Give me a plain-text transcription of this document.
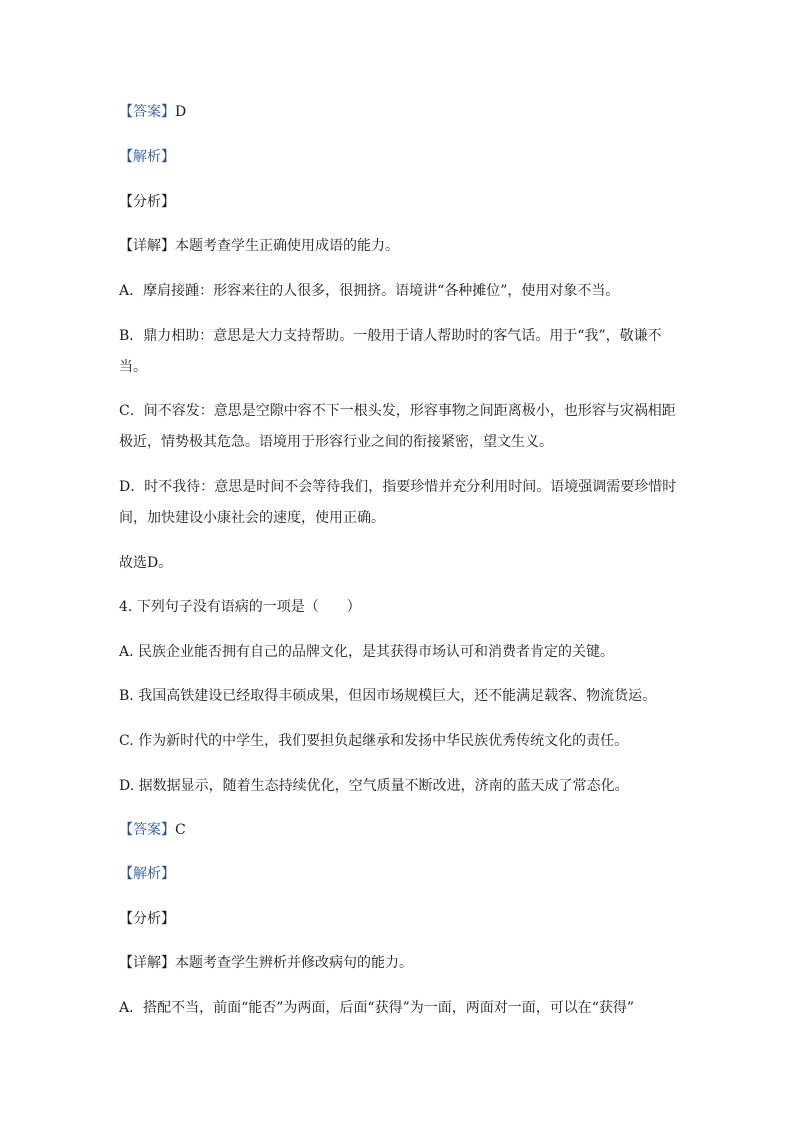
【答案】D
【解析】
【分析】
【详解】本题考查学生正确使用成语的能力。
A．摩肩接踵：形容来往的人很多，很拥挤。语境讲“各种摊位”，使用对象不当。
B．鼎力相助：意思是大力支持帮助。一般用于请人帮助时的客气话。用于“我”，敬谦不
当。
C．间不容发：意思是空隙中容不下一根头发，形容事物之间距离极小，也形容与灾祸相距
极近，情势极其危急。语境用于形容行业之间的衔接紧密，望文生义。
D．时不我待：意思是时间不会等待我们，指要珍惜并充分利用时间。语境强调需要珍惜时
间，加快建设小康社会的速度，使用正确。
故选D。
4. 下列句子没有语病的一项是（　　）
A. 民族企业能否拥有自己的品牌文化，是其获得市场认可和消费者肯定的关键。
B. 我国高铁建设已经取得丰硕成果，但因市场规模巨大，还不能满足载客、物流货运。
C. 作为新时代的中学生，我们要担负起继承和发扬中华民族优秀传统文化的责任。
D. 据数据显示，随着生态持续优化，空气质量不断改进，济南的蓝天成了常态化。
【答案】C
【解析】
【分析】
【详解】本题考查学生辨析并修改病句的能力。
A．搭配不当，前面“能否”为两面，后面“获得”为一面，两面对一面，可以在“获得”
